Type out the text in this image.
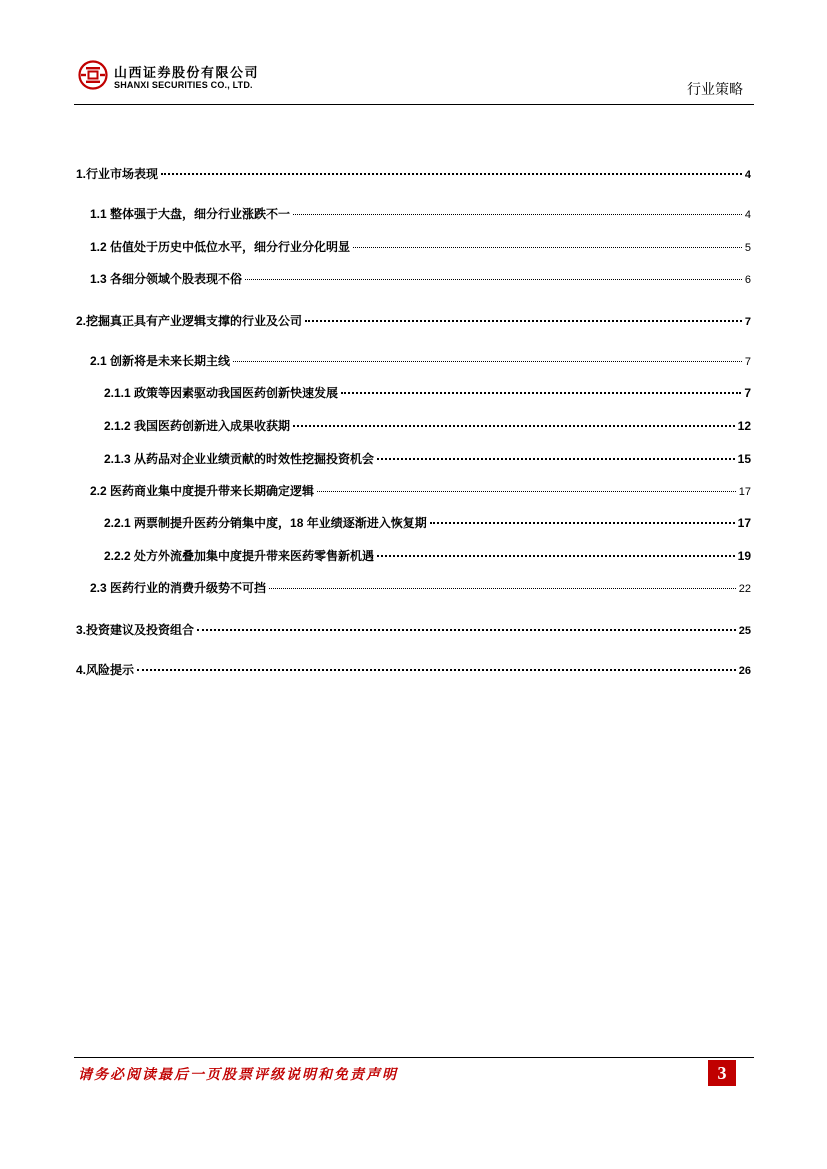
山西证券股份有限公司
SHANXI SECURITIES CO., LTD.	行业策略
1.行业市场表现	4
1.1 整体强于大盘，细分行业涨跌不一	4
1.2 估值处于历史中低位水平，细分行业分化明显	5
1.3 各细分领域个股表现不俗	6
2.挖掘真正具有产业逻辑支撑的行业及公司	7
2.1 创新将是未来长期主线	7
2.1.1 政策等因素驱动我国医药创新快速发展	7
2.1.2 我国医药创新进入成果收获期	12
2.1.3 从药品对企业业绩贡献的时效性挖掘投资机会	15
2.2 医药商业集中度提升带来长期确定逻辑	17
2.2.1 两票制提升医药分销集中度，18 年业绩逐渐进入恢复期	17
2.2.2 处方外流叠加集中度提升带来医药零售新机遇	19
2.3 医药行业的消费升级势不可挡	22
3.投资建议及投资组合	25
4.风险提示	26
请务必阅读最后一页股票评级说明和免责声明	3
